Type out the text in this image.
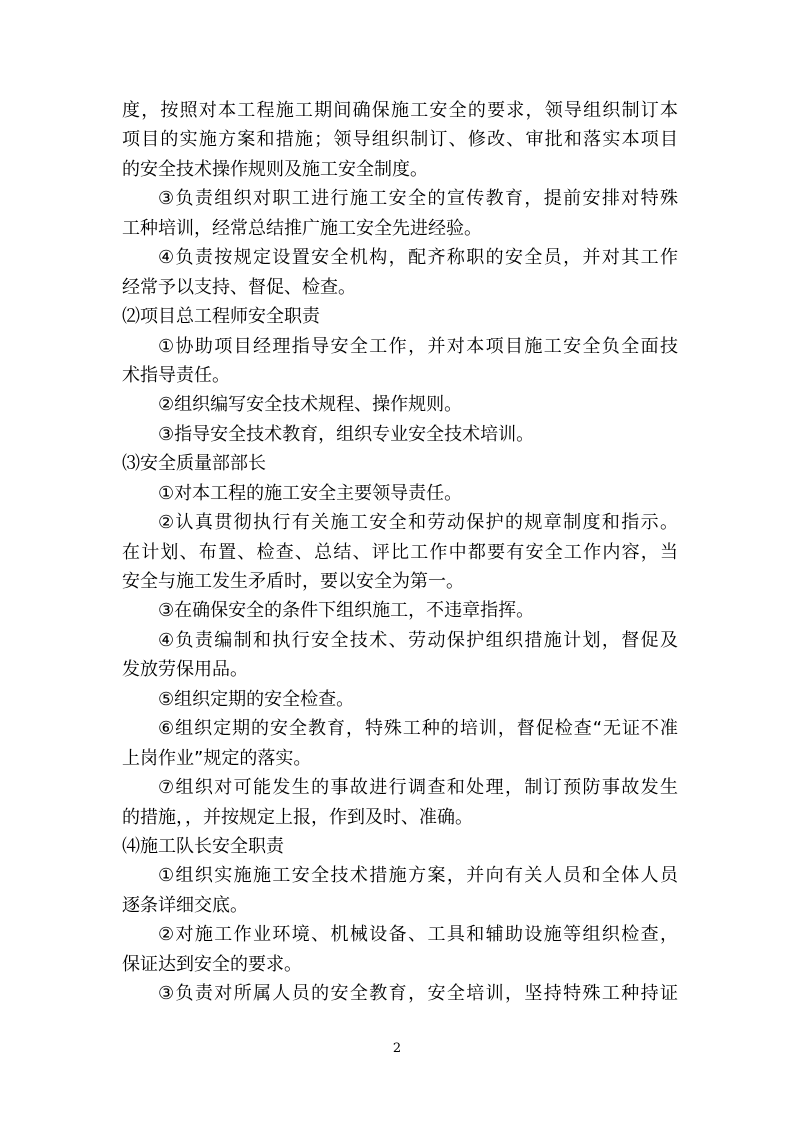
度，按照对本工程施工期间确保施工安全的要求，领导组织制订本
项目的实施方案和措施；领导组织制订、修改、审批和落实本项目
的安全技术操作规则及施工安全制度。
③负责组织对职工进行施工安全的宣传教育，提前安排对特殊
工种培训，经常总结推广施工安全先进经验。
④负责按规定设置安全机构，配齐称职的安全员，并对其工作
经常予以支持、督促、检查。
⑵项目总工程师安全职责
①协助项目经理指导安全工作，并对本项目施工安全负全面技
术指导责任。
②组织编写安全技术规程、操作规则。
③指导安全技术教育，组织专业安全技术培训。
⑶安全质量部部长
①对本工程的施工安全主要领导责任。
②认真贯彻执行有关施工安全和劳动保护的规章制度和指示。
在计划、布置、检查、总结、评比工作中都要有安全工作内容，当
安全与施工发生矛盾时，要以安全为第一。
③在确保安全的条件下组织施工，不违章指挥。
④负责编制和执行安全技术、劳动保护组织措施计划，督促及
发放劳保用品。
⑤组织定期的安全检查。
⑥组织定期的安全教育，特殊工种的培训，督促检查“无证不准
上岗作业”规定的落实。
⑦组织对可能发生的事故进行调查和处理，制订预防事故发生
的措施，，并按规定上报，作到及时、准确。
⑷施工队长安全职责
①组织实施施工安全技术措施方案，并向有关人员和全体人员
逐条详细交底。
②对施工作业环境、机械设备、工具和辅助设施等组织检查，
保证达到安全的要求。
③负责对所属人员的安全教育，安全培训，坚持特殊工种持证
2
